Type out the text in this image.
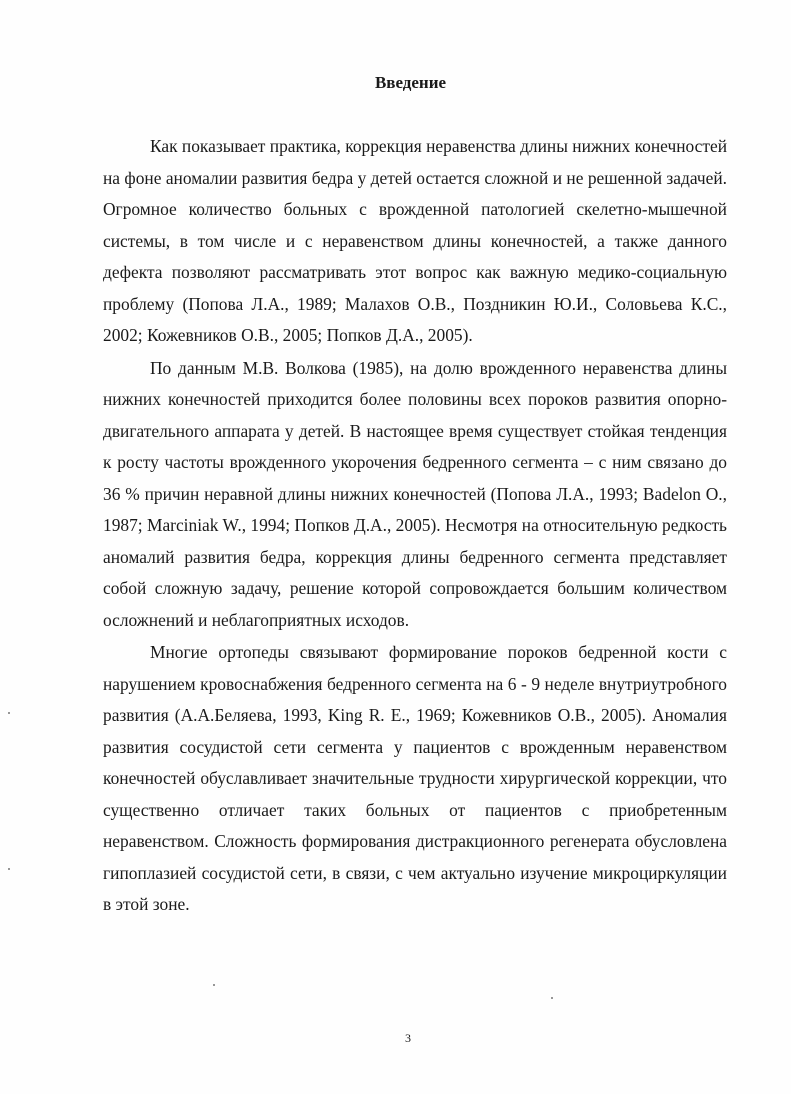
Введение

Как показывает практика, коррекция неравенства длины нижних конечностей на фоне аномалии развития бедра у детей остается сложной и не решенной задачей. Огромное количество больных с врожденной патологией скелетно-мышечной системы, в том числе и с неравенством длины конечностей, а также данного дефекта позволяют рассматривать этот вопрос как важную медико-социальную проблему (Попова Л.А., 1989; Малахов О.В., Поздникин Ю.И., Соловьева К.С., 2002; Кожевников О.В., 2005; Попков Д.А., 2005).

По данным М.В. Волкова (1985), на долю врожденного неравенства длины нижних конечностей приходится более половины всех пороков развития опорно-двигательного аппарата у детей. В настоящее время существует стойкая тенденция к росту частоты врожденного укорочения бедренного сегмента – с ним связано до 36 % причин неравной длины нижних конечностей (Попова Л.А., 1993; Badelon O., 1987; Marciniak W., 1994; Попков Д.А., 2005). Несмотря на относительную редкость аномалий развития бедра, коррекция длины бедренного сегмента представляет собой сложную задачу, решение которой сопровождается большим количеством осложнений и неблагоприятных исходов.

Многие ортопеды связывают формирование пороков бедренной кости с нарушением кровоснабжения бедренного сегмента на 6 - 9 неделе внутриутробного развития (А.А.Беляева, 1993, King R. E., 1969; Кожевников О.В., 2005). Аномалия развития сосудистой сети сегмента у пациентов с врожденным неравенством конечностей обуславливает значительные трудности хирургической коррекции, что существенно отличает таких больных от пациентов с приобретенным неравенством. Сложность формирования дистракционного регенерата обусловлена гипоплазией сосудистой сети, в связи, с чем актуально изучение микроциркуляции в этой зоне.

3
